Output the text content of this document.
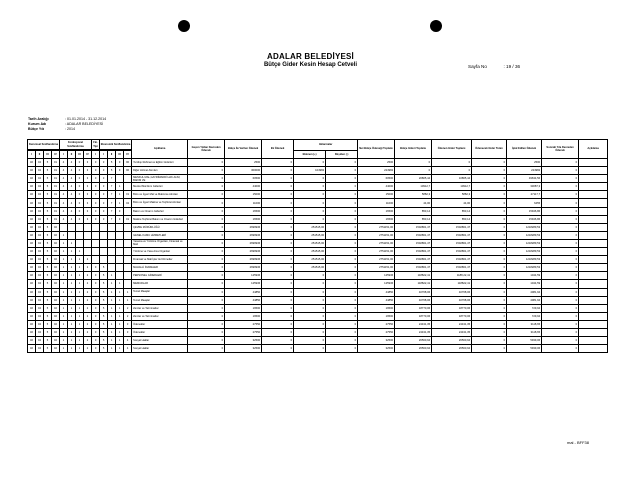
ADALAR BELEDİYESİ
Bütçe Gider Kesin Hesap Cetveli	Sayfa No	: 19 / 36
Tarih Aralığı	: 01.01.2014 - 31.12.2014
Kurum Adı	: ADALAR BELEDİYESİ
Bütçe Yılı	: 2014
Kurumsal Sınıflandırma				Fonksiyonel Sınıflandırma				Fin. Tipi	Ekonomik Sınıflandırma				Açıklama	Geçen Yıldan Devreden Ödenek	Bütçe İle Verilen Ödenek	Ek Ödenek	Aktarmalar		Net Bütçe Ödeneği Toplamı	Bütçe Gideri Toplamı	Ödenen Gider Toplamı	Ödenecek Gider Tutarı	İptal Edilen Ödenek	Sonraki Yıla Devreden Ödenek	Açıklama

I	II	III	IV	I	II	III	IV	I	I	II	III	IV					Eklenen (+)	Düşülen (-)							
46	04	5	01	4	4	0	3	0	3	5	9	90	Yurtdışı Rehinat ve Eğitim Giderleri	0	2500	0	0	0	2500	0	0	0	2500	0	
46	04	5	01	4	4	0	3	0	3	5	9	90	Diğer Hizmet Alımları	0	300000	0	104982	0	224982	0	0	0	224982	0	
46	04	5	01	4	4	0	3	0	3	7			MENKUL MAL,GAYRİMADDİ HAK ALIM, BAKIM VE	0	60500	0	0	0	60500	20805,44	10865,44	0	49634,56	0	
46	04	5	01	4	4	0	3	0	3	7	1		Menkul Mal Alım Giderleri	0	44000	0	0	0	44000	10912,7	10912,7	0	33087,3	0	
46	04	5	01	4	4	0	3	0	3	7	1	01	Büro ve İşyeri Mal ve Malzeme Alımları	0	15000	0	0	0	15000	5882,3	5882,3	0	27117,7	0	
46	04	5	01	4	4	0	3	0	3	7	1	02	Büro ve İşyeri Makine ve Teçhizat Alımları	0	11000	0	0	0	11000	44,00	44,00	0	6455	0	
46	04	5	01	4	4	0	3	0	3	7	3		Bakım ve Onarım Giderleri	0	16500	0	0	0	16500	853,14	853,14	0	15946,86	0	
46	04	5	01	4	4	0	3	0	3	7	3	01	Makine Teçhizat Bakım ve Onarım Giderleri	0	16500	0	0	0	16500	853,14	853,14	0	15946,86	0	
46	04	5	02										ÇEVRE MÜDÜRLÜĞÜ	0	2699936	0	251515,00	0	2751151,00	1502861,47	1502861,47	0	1218289,53	0	
46	04	5	02	1									GENEL KAMU HİZMETLERİ	0	2699936	0	251515,00	0	2751151,00	1502861,47	1502861,47	0	1218289,53	0	
46	04	5	02	1	1								Yasama ve Yürütme Organları, Finansal ve Mali	0	2699936	0	251515,00	0	2751151,00	1502861,47	1502861,47	0	1218289,53	0	
46	04	5	02	1	1	1							Yürütme ve Yasa Ama Organları	0	2699936	0	251515,00	0	2751151,00	1502861,47	1502861,47	0	1218289,53	0	
46	04	5	02	1	1	1	2						Finansal ve Mali İşler ile Dizmetler	0	2699936	0	251515,00	0	2751151,00	1502861,47	1502861,47	0	1218289,53	0	
46	04	5	02	1	1	1	2	0	5				MAHALLİ İDARELER	0	2699936	0	251515,00	0	2751151,00	1502861,47	1502861,47	0	1218289,53	0	
46	04	5	02	1	1	1	2	0	5	1			PERSONEL GİDERLERİ	0	125936	0	0	0	125936	118822,41	1188,22,41	0	1044,59	0	
46	04	5	02	1	1	1	2	0	5	1	1		MEMURLAR	0	125936	0	0	0	125936	118822,41	118822,41	0	1044,59	0	
46	04	5	02	1	1	1	2	0	5	1	1	1	Temel Maaşlar	0	44850	0	0	0	44850	40768,06	40768,06	0	4081,94	0	
46	04	5	02	1	1	1	2	0	5	1	1	1	Temel Maaşlar	0	44850	0	0	0	44850	40768,06	40768,06	0	4081,94	0	
46	04	5	02	1	1	1	2	0	5	1	1	2	Zamlar ve Tazminatlar	0	19500	0	0	0	19500	18770,06	18770,06	0	729,94	0	
46	04	5	02	1	1	1	2	0	5	1	1	2	Zamlar ve Tazminatlar	0	19500	0	0	0	19500	18770,06	18770,06	0	729,94	0	
46	04	5	02	1	1	1	2	0	5	1	1	3	Ödenekler	0	27550	0	0	0	27550	24431,35	24431,35	0	3118,65	0	
46	04	5	02	1	1	1	2	0	5	1	1	3	Ödenekler	0	27550	0	0	0	27550	24431,35	24431,35	0	3118,65	0	
46	04	5	02	1	1	1	2	0	5	1	1	4	Sosyal Haklar	0	32500	0	0	0	32500	26560,94	26560,94	0	5939,06	0	
46	04	5	02	1	1	1	2	0	5	1	1	4	Sosyal Haklar	0	32500	0	0	0	32500	26560,94	26560,94	0	5939,06	0	
mal - BFF38
